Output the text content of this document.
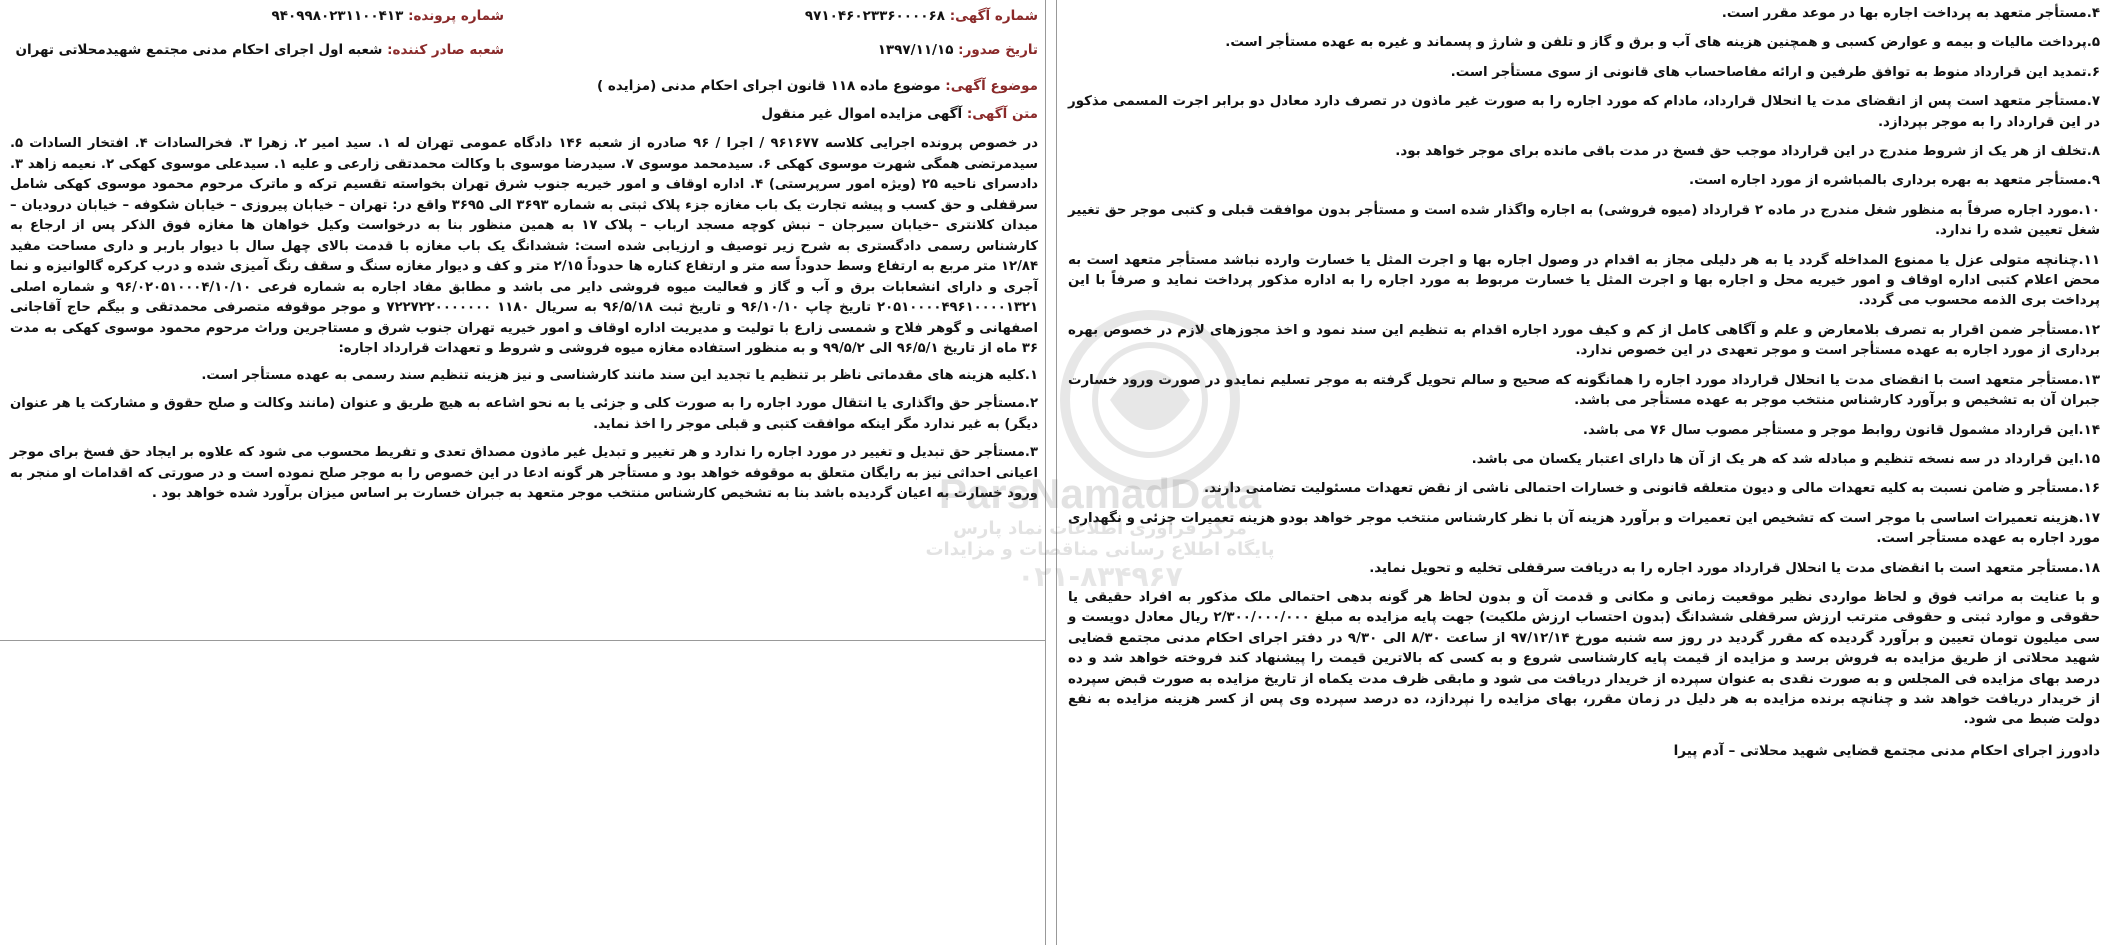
شماره آگهی: ۹۷۱۰۴۶۰۲۳۳۶۰۰۰۰۶۸
شماره پرونده: ۹۴۰۹۹۸۰۲۳۱۱۰۰۴۱۳
تاریخ صدور: ۱۳۹۷/۱۱/۱۵
شعبه صادر کننده: شعبه اول اجرای احکام مدنی مجتمع شهیدمحلاتی تهران
موضوع آگهی: موضوع ماده ۱۱۸ قانون اجرای احکام مدنی (مزایده )
متن آگهی: آگهی مزایده اموال غیر منقول
در خصوص پرونده اجرایی کلاسه ۹۶۱۶۷۷ / اجرا / ۹۶ صادره از شعبه ۱۴۶ دادگاه عمومی تهران له ۱. سید امیر ۲. زهرا ۳. فخرالسادات ۴. افتخار السادات ۵. سیدمرتضی همگی شهرت موسوی کهکی ۶. سیدمحمد موسوی ۷. سیدرضا موسوی با وکالت محمدتقی زارعی و علیه ۱. سیدعلی موسوی کهکی ۲. نعیمه زاهد ۳. دادسرای ناحیه ۲۵ (ویژه امور سرپرستی) ۴. اداره اوقاف و امور خیریه جنوب شرق تهران بخواسته تقسیم ترکه و ماترک مرحوم محمود موسوی کهکی شامل سرقفلی و حق کسب و پیشه تجارت یک باب مغازه جزء پلاک ثبتی به شماره ۳۶۹۳ الی ۳۶۹۵ واقع در: تهران – خیابان پیروزی – خیابان شکوفه – خیابان دروديان – میدان کلانتری –خیابان سیرجان – نبش کوچه مسجد ارباب – پلاک ۱۷ به همین منظور بنا به درخواست وکیل خواهان ها مغازه فوق الذکر پس از ارجاع به کارشناس رسمی دادگستری به شرح زیر توصیف و ارزیابی شده است: ششدانگ یک باب مغازه با قدمت بالای چهل سال با دیوار باربر و داری مساحت مفید ۱۲/۸۴ متر مربع به ارتفاع وسط حدوداً سه متر و ارتفاع کناره ها حدوداً ۲/۱۵ متر و کف و دیوار مغازه سنگ و سقف رنگ آمیزی شده و درب کرکره گالوانیزه و نما آجری و دارای انشعابات برق و آب و گاز و فعالیت میوه فروشی دایر می باشد و مطابق مفاد اجاره به شماره فرعی ۹۶/۰۲۰۵۱۰۰۰۴/۱۰/۱۰ و شماره اصلی ۲۰۵۱۰۰۰۰۴۹۶۱۰۰۰۰۱۳۲۱ تاریخ چاپ ۹۶/۱۰/۱۰ و تاریخ ثبت ۹۶/۵/۱۸ به سریال ۱۱۸۰ ۷۲۲۷۲۲۰۰۰۰۰۰۰ و موجر موقوفه متصرفی محمدتقی و بیگم حاج آقاجانی اصفهانی و گوهر فلاح و شمسی زارع با تولیت و مدیریت اداره اوقاف و امور خیریه تهران جنوب شرق و مستاجرین وراث مرحوم محمود موسوی کهکی به مدت ۳۶ ماه از تاریخ ۹۶/۵/۱ الی ۹۹/۵/۲ و به منظور استفاده مغازه میوه فروشی و شروط و تعهدات قرارداد اجاره:

۱.کلیه هزینه های مقدماتی ناظر بر تنظیم یا تجدید این سند مانند کارشناسی و نیز هزینه تنظیم سند رسمی به عهده مستأجر است.

۲.مستأجر حق واگذاری یا انتقال مورد اجاره را به صورت کلی و جزئی یا به نحو اشاعه به هیچ طریق و عنوان (مانند وکالت و صلح حقوق و مشارکت یا هر عنوان دیگر) به غیر ندارد مگر اینکه موافقت کتبی و قبلی موجر را اخذ نماید.

۳.مستأجر حق تبدیل و تغییر در مورد اجاره را ندارد و هر تغییر و تبدیل غیر ماذون مصداق تعدی و تفریط محسوب می شود که علاوه بر ایجاد حق فسخ برای موجر اعیانی احداثی نیز به رایگان متعلق به موقوفه خواهد بود و مستأجر هر گونه ادعا در این خصوص را به موجر صلح نموده است و در صورتی که اقدامات او منجر به ورود خسارت به اعیان گردیده باشد بنا به تشخیص کارشناس منتخب موجر متعهد به جبران خسارت بر اساس میزان برآورد شده خواهد بود .

۴.مستأجر متعهد به پرداخت اجاره بها در موعد مقرر است.

۵.پرداخت مالیات و بیمه و عوارض کسبی و همچنین هزینه های آب و برق و گاز و تلفن و شارژ و پسماند و غیره به عهده مستأجر است.

۶.تمدید این قرارداد منوط به توافق طرفین و ارائه مفاصاحساب های قانونی از سوی مستأجر است.

۷.مستأجر متعهد است پس از انقضای مدت یا انحلال قرارداد، مادام که مورد اجاره را به صورت غیر ماذون در تصرف دارد معادل دو برابر اجرت المسمی مذکور در این قرارداد را به موجر بپردازد.

۸.تخلف از هر یک از شروط مندرج در این قرارداد موجب حق فسخ در مدت باقی مانده برای موجر خواهد بود.

۹.مستأجر متعهد به بهره برداری بالمباشره از مورد اجاره است.

۱۰.مورد اجاره صرفاً به منظور شغل مندرج در ماده ۲ قرارداد (میوه فروشی) به اجاره واگذار شده است و مستأجر بدون موافقت قبلی و کتبی موجر حق تغییر شغل تعیین شده را ندارد.

۱۱.چنانچه متولی عزل یا ممنوع المداخله گردد یا به هر دلیلی مجاز به اقدام در وصول اجاره بها و اجرت المثل یا خسارت وارده نباشد مستأجر متعهد است به محض اعلام کتبی اداره اوقاف و امور خیریه محل و اجاره بها و اجرت المثل یا خسارت مربوط به مورد اجاره را به اداره مذکور پرداخت نماید و صرفاً با این پرداخت بری الذمه محسوب می گردد.

۱۲.مستأجر ضمن اقرار به تصرف بلامعارض و علم و آگاهی کامل از کم و کیف مورد اجاره اقدام به تنظیم این سند نمود و اخذ مجوزهای لازم در خصوص بهره برداری از مورد اجاره به عهده مستأجر است و موجر تعهدی در این خصوص ندارد.

۱۳.مستأجر متعهد است با انقضای مدت یا انحلال قرارداد مورد اجاره را همانگونه که صحیح و سالم تحویل گرفته به موجر تسلیم نمایدو در صورت ورود خسارت جبران آن به تشخیص و برآورد کارشناس منتخب موجر به عهده مستأجر می باشد.

۱۴.این قرارداد مشمول قانون روابط موجر و مستأجر مصوب سال ۷۶ می باشد.

۱۵.این قرارداد در سه نسخه تنظیم و مبادله شد که هر یک از آن ها دارای اعتبار یکسان می باشد.

۱۶.مستأجر و ضامن نسبت به کلیه تعهدات مالی و دیون متعلقه قانونی و خسارات احتمالی ناشی از نقض تعهدات مسئولیت تضامنی دارند.

۱۷.هزینه تعمیرات اساسی با موجر است که تشخیص این تعمیرات و برآورد هزینه آن با نظر کارشناس منتخب موجر خواهد بودو هزینه تعمیرات جزئی و نگهداری مورد اجاره به عهده مستأجر است.

۱۸.مستأجر متعهد است با انقضای مدت یا انحلال قرارداد مورد اجاره را به دریافت سرقفلی تخلیه و تحویل نماید.

و با عنایت به مراتب فوق و لحاظ مواردی نظیر موقعیت زمانی و مکانی و قدمت آن و بدون لحاظ هر گونه بدهی احتمالی ملک مذکور به افراد حقیقی یا حقوقی و موارد ثبتی و حقوقی مترتب ارزش سرقفلی ششدانگ (بدون احتساب ارزش ملکیت) جهت پایه مزایده به مبلغ ۲/۳۰۰/۰۰۰/۰۰۰ ریال معادل دویست و سی میلیون تومان تعیین و برآورد گردیده که مقرر گردید در روز سه شنبه مورخ ۹۷/۱۲/۱۴ از ساعت ۸/۳۰ الی ۹/۳۰ در دفتر اجرای احکام مدنی مجتمع قضایی شهید محلاتی از طریق مزایده به فروش برسد و مزایده از قیمت پایه کارشناسی شروع و به کسی که بالاترین قیمت را پیشنهاد کند فروخته خواهد شد و ده درصد بهای مزایده فی المجلس و به صورت نقدی به عنوان سپرده از خریدار دریافت می شود و مابقی ظرف مدت یکماه از تاریخ مزایده به صورت قبض سپرده از خریدار دریافت خواهد شد و چنانچه برنده مزایده به هر دلیل در زمان مقرر، بهای مزایده را نپردازد، ده درصد سپرده وی پس از کسر هزینه مزایده به نفع دولت ضبط می شود.

دادورز اجرای احکام مدنی مجتمع قضایی شهید محلاتی – آدم پیرا
ParsNamadData
مرکز فرآوری اطلاعات نماد پارس
پایگاه اطلاع رسانی مناقصات و مزایدات
۰۲۱-۸۳۴۹۶۷
